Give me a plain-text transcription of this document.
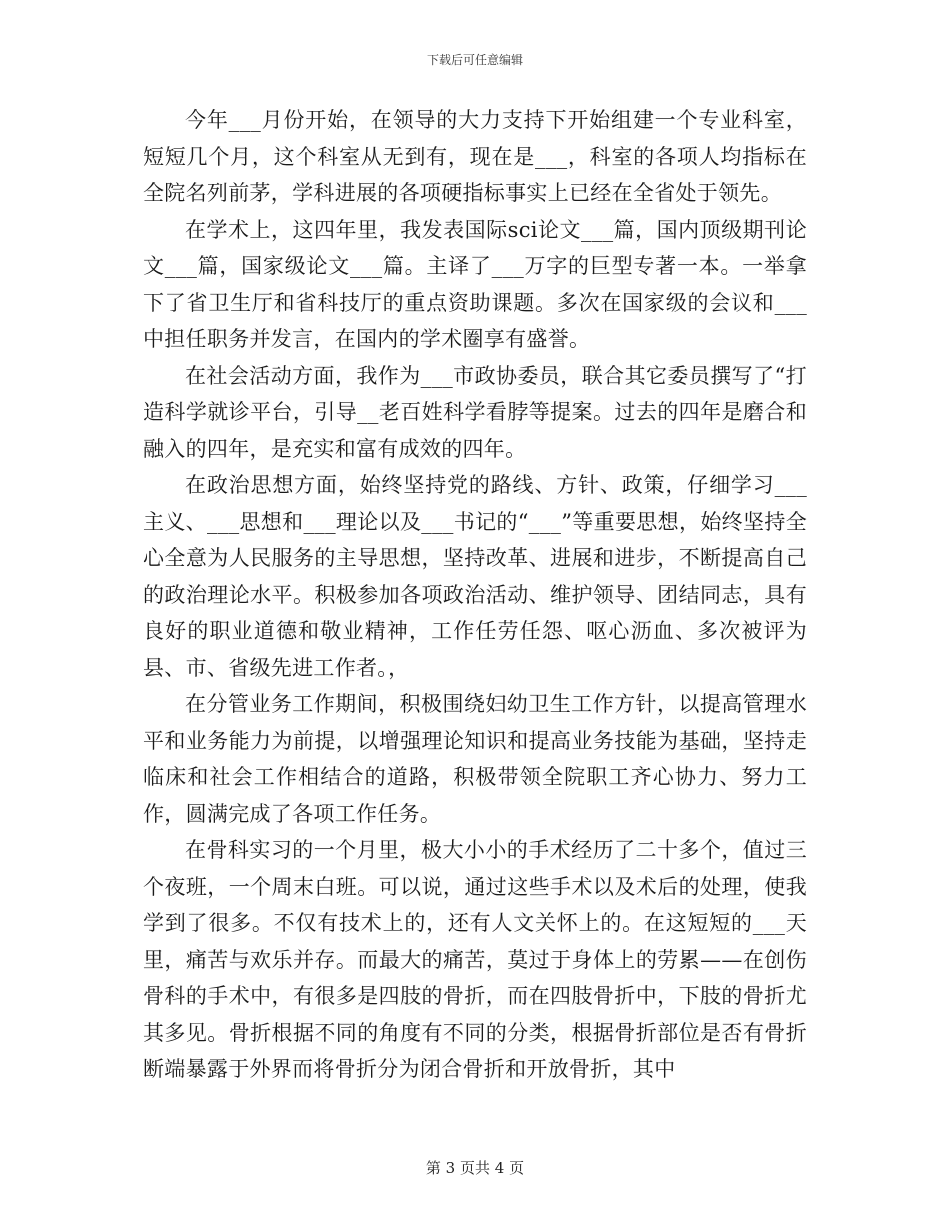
下载后可任意编辑

今年___月份开始，在领导的大力支持下开始组建一个专业科室，短短几个月，这个科室从无到有，现在是___，科室的各项人均指标在全院名列前茅，学科进展的各项硬指标事实上已经在全省处于领先。

在学术上，这四年里，我发表国际sci论文___篇，国内顶级期刊论文___篇，国家级论文___篇。主译了___万字的巨型专著一本。一举拿下了省卫生厅和省科技厅的重点资助课题。多次在国家级的会议和___中担任职务并发言，在国内的学术圈享有盛誉。

在社会活动方面，我作为___市政协委员，联合其它委员撰写了“打造科学就诊平台，引导__老百姓科学看脖等提案。过去的四年是磨合和融入的四年，是充实和富有成效的四年。

在政治思想方面，始终坚持党的路线、方针、政策，仔细学习___主义、___思想和___理论以及___书记的“___”等重要思想，始终坚持全心全意为人民服务的主导思想，坚持改革、进展和进步，不断提高自己的政治理论水平。积极参加各项政治活动、维护领导、团结同志，具有良好的职业道德和敬业精神，工作任劳任怨、呕心沥血、多次被评为县、市、省级先进工作者。，

在分管业务工作期间，积极围绕妇幼卫生工作方针，以提高管理水平和业务能力为前提，以增强理论知识和提高业务技能为基础，坚持走临床和社会工作相结合的道路，积极带领全院职工齐心协力、努力工作，圆满完成了各项工作任务。

在骨科实习的一个月里，极大小小的手术经历了二十多个，值过三个夜班，一个周末白班。可以说，通过这些手术以及术后的处理，使我学到了很多。不仅有技术上的，还有人文关怀上的。在这短短的___天里，痛苦与欢乐并存。而最大的痛苦，莫过于身体上的劳累——在创伤骨科的手术中，有很多是四肢的骨折，而在四肢骨折中，下肢的骨折尤其多见。骨折根据不同的角度有不同的分类，根据骨折部位是否有骨折断端暴露于外界而将骨折分为闭合骨折和开放骨折，其中

第 3 页共 4 页
